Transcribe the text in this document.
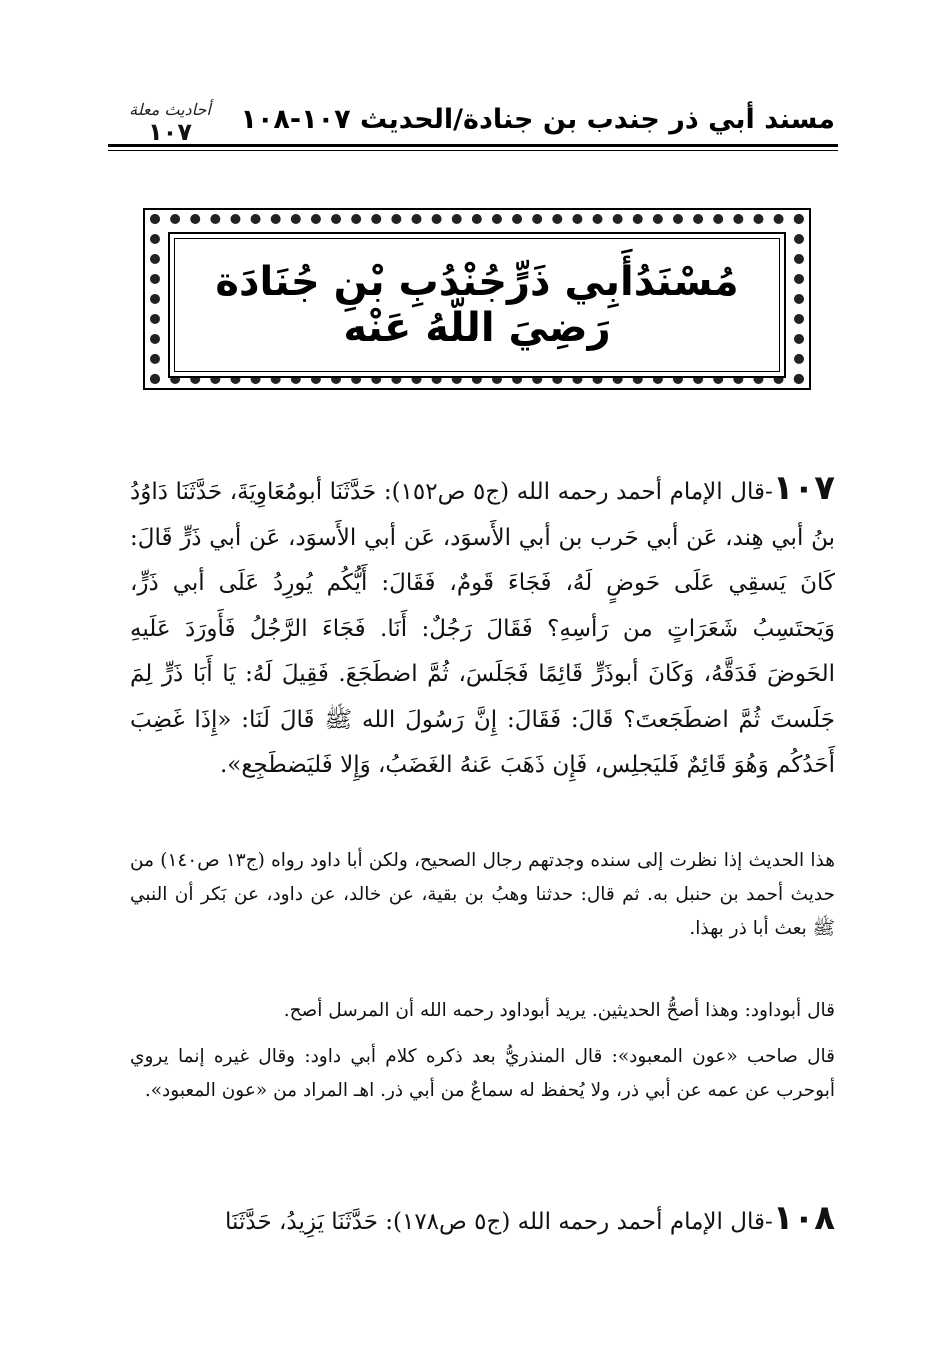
مسند أبي ذر جندب بن جنادة/الحديث ١٠٧-١٠٨
أحاديث معلة
١٠٧
مُسْنَدُأَبِي ذَرٍّجُنْدُبِ بْنِ جُنَادَة رَضِيَ اللّهُ عَنْه
١٠٧-قال الإمام أحمد رحمه الله (ج٥ ص١٥٢): حَدَّثَنَا أبومُعَاوِيَةَ، حَدَّثَنَا دَاوُدُ بنُ أبي هِند، عَن أبي حَرب بن أبي الأَسوَد، عَن أبي الأَسوَد، عَن أبي ذَرٍّ قَالَ: كَانَ يَسقِي عَلَى حَوضٍ لَهُ، فَجَاءَ قَومٌ، فَقَالَ: أَيُّكُم يُورِدُ عَلَى أبي ذَرٍّ، وَيَحتَسِبُ شَعَرَاتٍ من رَأسِهِ؟ فَقَالَ رَجُلٌ: أَنَا. فَجَاءَ الرَّجُلُ فَأَورَدَ عَلَيهِ الحَوضَ فَدَقَّهُ، وَكَانَ أبوذَرٍّ قَائِمًا فَجَلَسَ، ثُمَّ اضطَجَعَ. فَقِيلَ لَهُ: يَا أَبَا ذَرٍّ لِمَ جَلَستَ ثُمَّ اضطَجَعتَ؟ قَالَ: فَقَالَ: إِنَّ رَسُولَ الله ﷺ قَالَ لَنَا: «إِذَا غَضِبَ أَحَدُكُم وَهُوَ قَائِمٌ فَليَجلِس، فَإِن ذَهَبَ عَنهُ الغَضَبُ، وَإِلا فَليَضطَجِع».
هذا الحديث إذا نظرت إلى سنده وجدتهم رجال الصحيح، ولكن أبا داود رواه (ج١٣ ص١٤٠) من حديث أحمد بن حنبل به. ثم قال: حدثنا وهبُ بن بقية، عن خالد، عن داود، عن بَكر أن النبي ﷺ بعث أبا ذر بهذا.
قال أبوداود: وهذا أصحُّ الحديثين. يريد أبوداود رحمه الله أن المرسل أصح.
قال صاحب «عون المعبود»: قال المنذريُّ بعد ذكره كلام أبي داود: وقال غيره إنما يروي أبوحرب عن عمه عن أبي ذر، ولا يُحفظ له سماعٌ من أبي ذر. اهـ المراد من «عون المعبود».
١٠٨-قال الإمام أحمد رحمه الله (ج٥ ص١٧٨): حَدَّثَنَا يَزِيدُ، حَدَّثَنَا
